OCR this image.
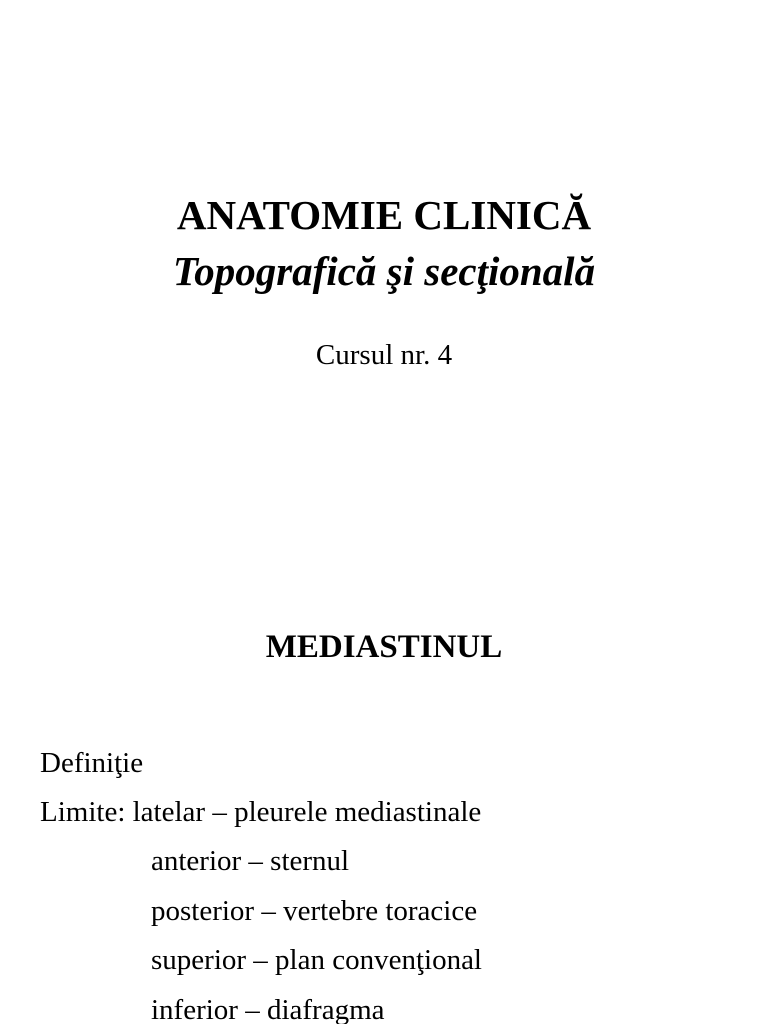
ANATOMIE CLINICĂ
Topografică şi secţională
Cursul nr. 4
MEDIASTINUL
Definiţie
Limite: latelar – pleurele mediastinale
anterior – sternul
posterior – vertebre toracice
superior – plan convenţional
inferior – diafragma
